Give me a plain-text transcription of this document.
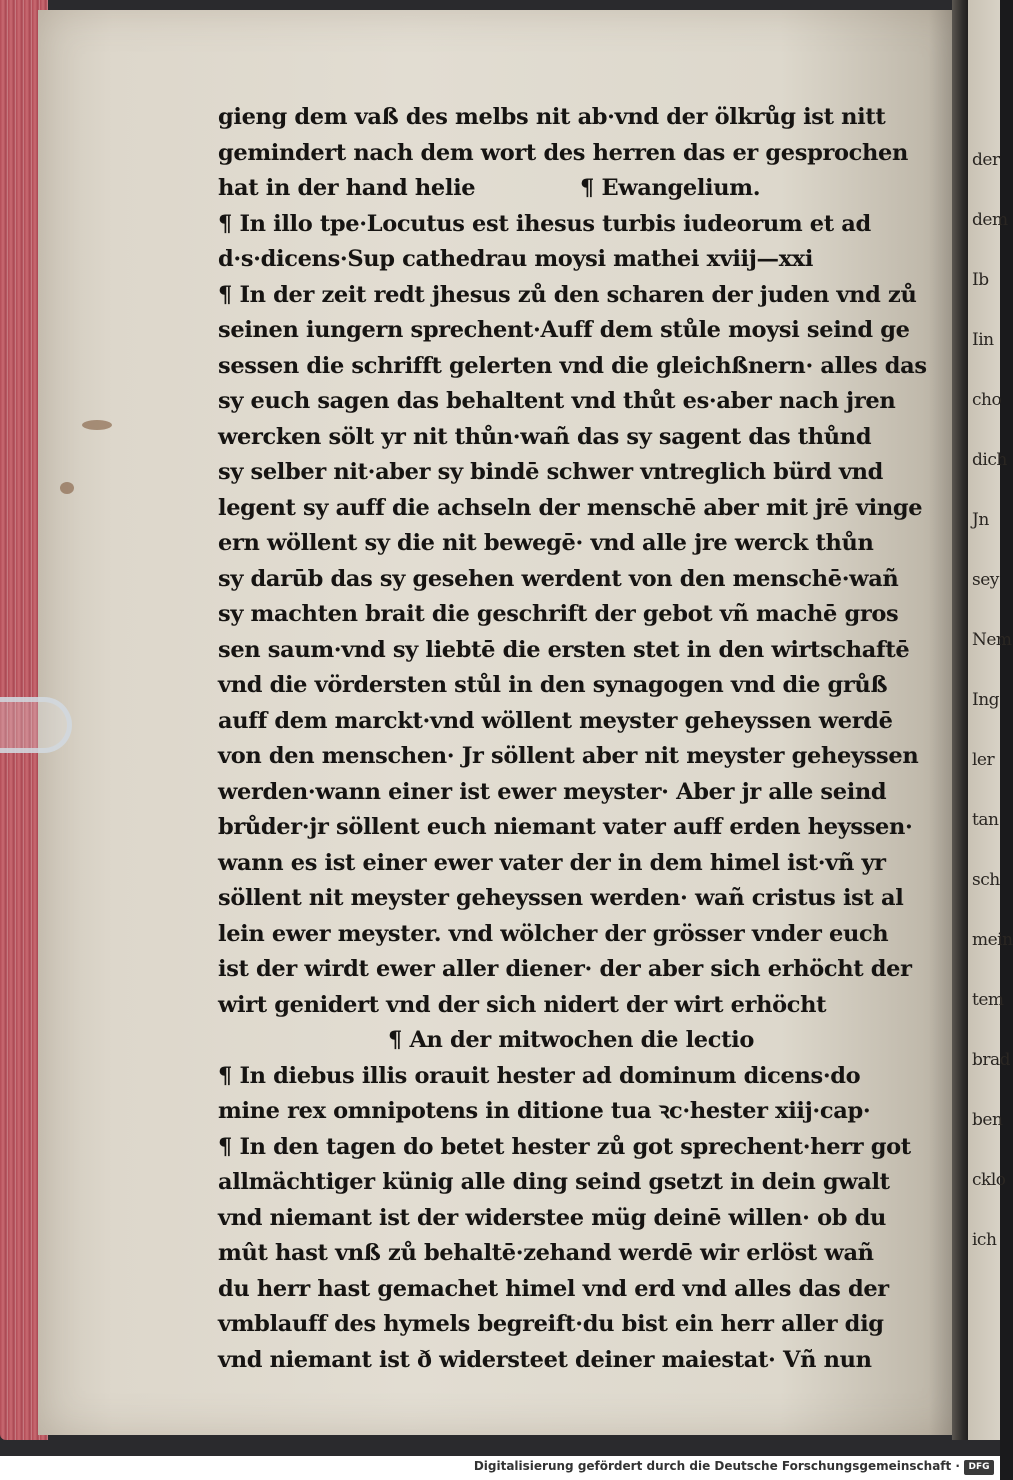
der
dem
Ib
Iin
cho
dich
Jn
sey
Nem
Ing
ler
tan
sch
mein
tem
brad
ben
cklo
ich
gieng dem vaß des melbs nit ab·vnd der ölkrůg ist nitt
gemindert nach dem wort des herren das er gesprochen
hat in der hand helie              ¶ Ewangelium.
¶ In illo tpe·Locutus est ihesus turbis iudeorum et ad
d·s·dicens·Sup cathedrau moysi mathei xviij—xxi
¶ In der zeit redt jhesus zů den scharen der juden vnd zů
seinen iungern sprechent·Auff dem stůle moysi seind ge
sessen die schrifft gelerten vnd die gleichßnern· alles das
sy euch sagen das behaltent vnd thůt es·aber nach jren
wercken sölt yr nit thůn·wañ das sy sagent das thůnd
sy selber nit·aber sy bindē schwer vntreglich bürd vnd
legent sy auff die achseln der menschē aber mit jrē vinge
ern wöllent sy die nit bewegē· vnd alle jre werck thůn
sy darūb das sy gesehen werdent von den menschē·wañ
sy machten brait die geschrift der gebot vñ machē gros
sen saum·vnd sy liebtē die ersten stet in den wirtschaftē
vnd die vördersten stůl in den synagogen vnd die grůß
auff dem marckt·vnd wöllent meyster geheyssen werdē
von den menschen· Jr söllent aber nit meyster geheyssen
werden·wann einer ist ewer meyster· Aber jr alle seind
brůder·jr söllent euch niemant vater auff erden heyssen·
wann es ist einer ewer vater der in dem himel ist·vñ yr
söllent nit meyster geheyssen werden· wañ cristus ist al
lein ewer meyster. vnd wölcher der grösser vnder euch
ist der wirdt ewer aller diener· der aber sich erhöcht der
wirt genidert vnd der sich nidert der wirt erhöcht
¶ An der mitwochen die lectio
¶ In diebus illis orauit hester ad dominum dicens·do
mine rex omnipotens in ditione tua ꝛc·hester xiij·cap·
¶ In den tagen do betet hester zů got sprechent·herr got
allmächtiger künig alle ding seind gsetzt in dein gwalt
vnd niemant ist der widerstee müg deinē willen· ob du
mût hast vnß zů behaltē·zehand werdē wir erlöst wañ
du herr hast gemachet himel vnd erd vnd alles das der
vmblauff des hymels begreift·du bist ein herr aller dig
vnd niemant ist ð widersteet deiner maiestat· Vñ nun
Digitalisierung gefördert durch die Deutsche Forschungsgemeinschaft · DFG
